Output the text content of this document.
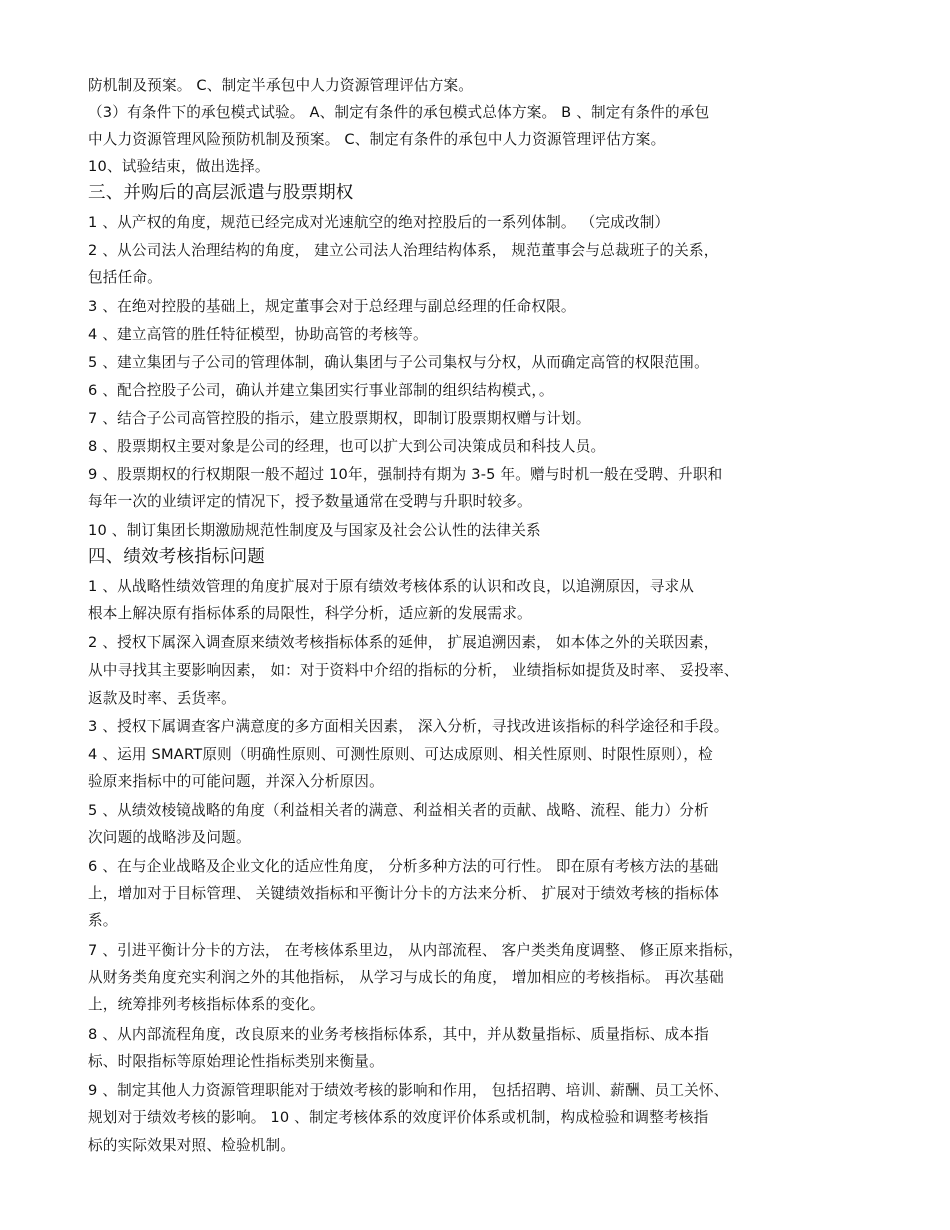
防机制及预案。 C、制定半承包中人力资源管理评估方案。
（3）有条件下的承包模式试验。 A、制定有条件的承包模式总体方案。 B 、制定有条件的承包
中人力资源管理风险预防机制及预案。 C、制定有条件的承包中人力资源管理评估方案。
10、试验结束，做出选择。
三、并购后的高层派遣与股票期权
1 、从产权的角度，规范已经完成对光速航空的绝对控股后的一系列体制。 （完成改制）
2 、从公司法人治理结构的角度， 建立公司法人治理结构体系， 规范董事会与总裁班子的关系，
包括任命。
3 、在绝对控股的基础上，规定董事会对于总经理与副总经理的任命权限。
4 、建立高管的胜任特征模型，协助高管的考核等。
5 、建立集团与子公司的管理体制，确认集团与子公司集权与分权，从而确定高管的权限范围。
6 、配合控股子公司，确认并建立集团实行事业部制的组织结构模式，。
7 、结合子公司高管控股的指示，建立股票期权，即制订股票期权赠与计划。
8 、股票期权主要对象是公司的经理，也可以扩大到公司决策成员和科技人员。
9 、股票期权的行权期限一般不超过 10年，强制持有期为 3-5 年。赠与时机一般在受聘、升职和
每年一次的业绩评定的情况下，授予数量通常在受聘与升职时较多。
10 、制订集团长期激励规范性制度及与国家及社会公认性的法律关系
四、绩效考核指标问题
1 、从战略性绩效管理的角度扩展对于原有绩效考核体系的认识和改良，以追溯原因，寻求从
根本上解决原有指标体系的局限性，科学分析，适应新的发展需求。
2 、授权下属深入调查原来绩效考核指标体系的延伸， 扩展追溯因素， 如本体之外的关联因素，
从中寻找其主要影响因素， 如：对于资料中介绍的指标的分析， 业绩指标如提货及时率、 妥投率、
返款及时率、丢货率。
3 、授权下属调查客户满意度的多方面相关因素， 深入分析，寻找改进该指标的科学途径和手段。
4 、运用 SMART原则（明确性原则、可测性原则、可达成原则、相关性原则、时限性原则），检
验原来指标中的可能问题，并深入分析原因。
5 、从绩效棱镜战略的角度（利益相关者的满意、利益相关者的贡献、战略、流程、能力）分析
次问题的战略涉及问题。
6 、在与企业战略及企业文化的适应性角度， 分析多种方法的可行性。 即在原有考核方法的基础
上，增加对于目标管理、 关键绩效指标和平衡计分卡的方法来分析、 扩展对于绩效考核的指标体
系。
7 、引进平衡计分卡的方法， 在考核体系里边， 从内部流程、 客户类类角度调整、 修正原来指标，
从财务类角度充实利润之外的其他指标， 从学习与成长的角度， 增加相应的考核指标。 再次基础
上，统筹排列考核指标体系的变化。
8 、从内部流程角度，改良原来的业务考核指标体系，其中，并从数量指标、质量指标、成本指
标、时限指标等原始理论性指标类别来衡量。
9 、制定其他人力资源管理职能对于绩效考核的影响和作用， 包括招聘、培训、薪酬、员工关怀、
规划对于绩效考核的影响。 10 、制定考核体系的效度评价体系或机制，构成检验和调整考核指
标的实际效果对照、检验机制。
